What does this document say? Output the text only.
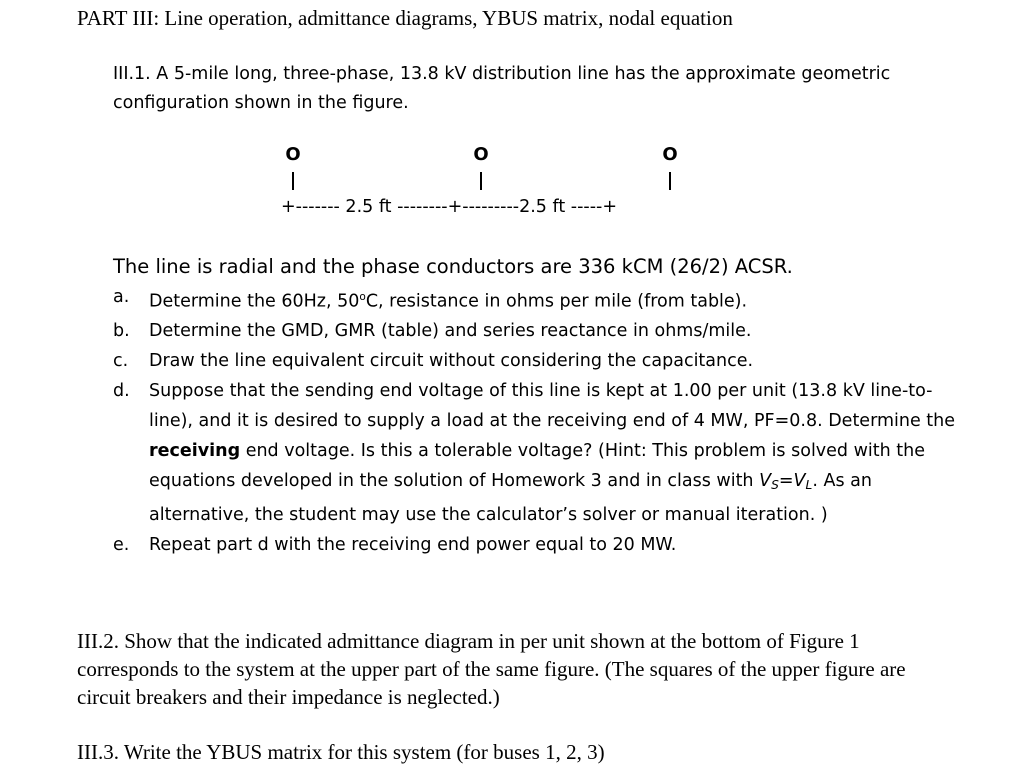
PART III: Line operation, admittance diagrams, YBUS matrix, nodal equation
III.1. A 5-mile long, three-phase, 13.8 kV distribution line has the approximate geometric configuration shown in the figure.
O	O	O
+------- 2.5 ft --------+---------2.5 ft -----+
The line is radial and the phase conductors are 336 kCM (26/2) ACSR.
a. Determine the 60Hz, 50$^o$C, resistance in ohms per mile (from table).
b. Determine the GMD, GMR (table) and series reactance in ohms/mile.
c. Draw the line equivalent circuit without considering the capacitance.
d. Suppose that the sending end voltage of this line is kept at 1.00 per unit (13.8 kV line-to-line), and it is desired to supply a load at the receiving end of 4 MW, PF=0.8. Determine the receiving end voltage. Is this a tolerable voltage? (Hint: This problem is solved with the equations developed in the solution of Homework 3 and in class with $V_S=V_L$. As an alternative, the student may use the calculator’s solver or manual iteration. )
e. Repeat part d with the receiving end power equal to 20 MW.
III.2. Show that the indicated admittance diagram in per unit shown at the bottom of Figure 1 corresponds to the system at the upper part of the same figure. (The squares of the upper figure are circuit breakers and their impedance is neglected.)
III.3. Write the YBUS matrix for this system (for buses 1, 2, 3)
